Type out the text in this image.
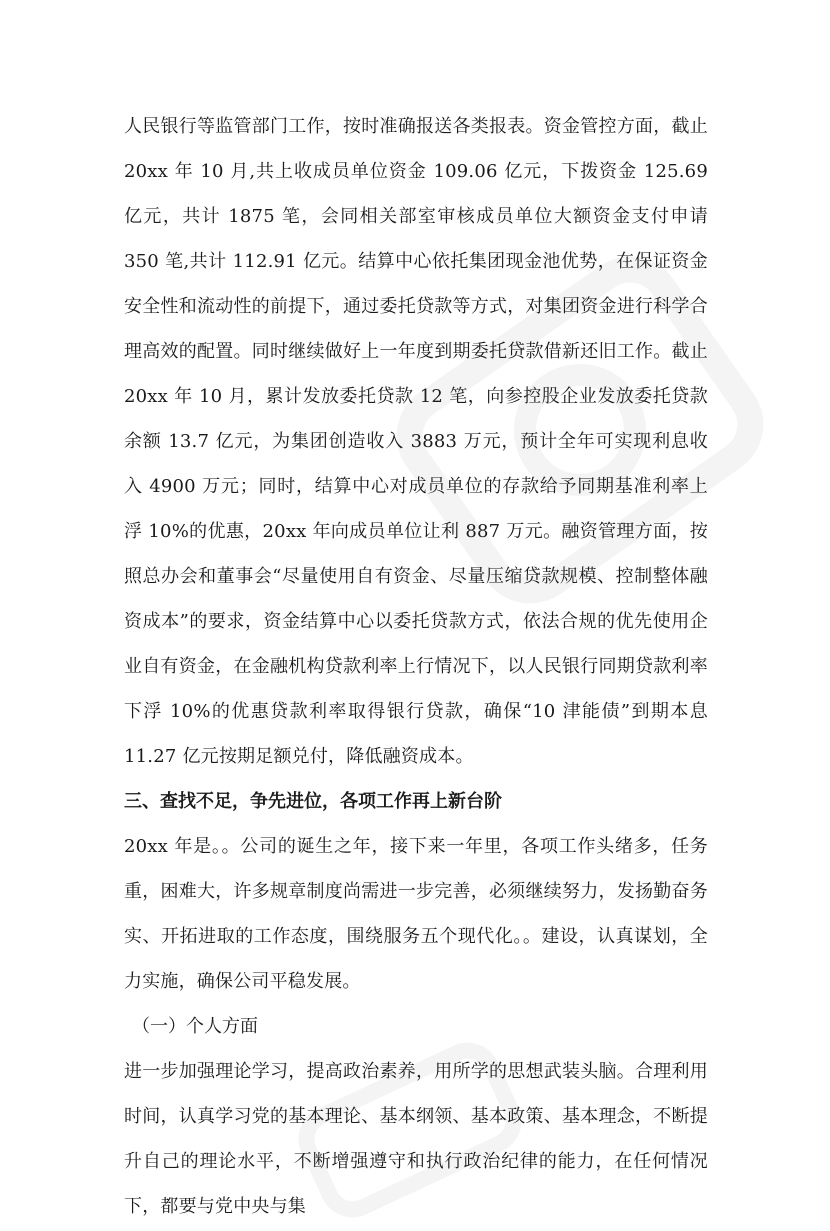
人民银行等监管部门工作，按时准确报送各类报表。资金管控方面，截止 20xx 年 10 月,共上收成员单位资金 109.06 亿元，下拨资金 125.69 亿元，共计 1875 笔，会同相关部室审核成员单位大额资金支付申请 350 笔,共计 112.91 亿元。结算中心依托集团现金池优势，在保证资金安全性和流动性的前提下，通过委托贷款等方式，对集团资金进行科学合理高效的配置。同时继续做好上一年度到期委托贷款借新还旧工作。截止 20xx 年 10 月，累计发放委托贷款 12 笔，向参控股企业发放委托贷款余额 13.7 亿元，为集团创造收入 3883 万元，预计全年可实现利息收入 4900 万元；同时，结算中心对成员单位的存款给予同期基准利率上浮 10%的优惠，20xx 年向成员单位让利 887 万元。融资管理方面，按照总办会和董事会“尽量使用自有资金、尽量压缩贷款规模、控制整体融资成本”的要求，资金结算中心以委托贷款方式，依法合规的优先使用企业自有资金，在金融机构贷款利率上行情况下，以人民银行同期贷款利率下浮 10%的优惠贷款利率取得银行贷款，确保“10 津能债”到期本息 11.27 亿元按期足额兑付，降低融资成本。

三、查找不足，争先进位，各项工作再上新台阶

20xx 年是。。公司的诞生之年，接下来一年里，各项工作头绪多，任务重，困难大，许多规章制度尚需进一步完善，必须继续努力，发扬勤奋务实、开拓进取的工作态度，围绕服务五个现代化。。建设，认真谋划，全力实施，确保公司平稳发展。

（一）个人方面

进一步加强理论学习，提高政治素养，用所学的思想武装头脑。合理利用时间，认真学习党的基本理论、基本纲领、基本政策、基本理念，不断提升自己的理论水平，不断增强遵守和执行政治纪律的能力，在任何情况下，都要与党中央与集
